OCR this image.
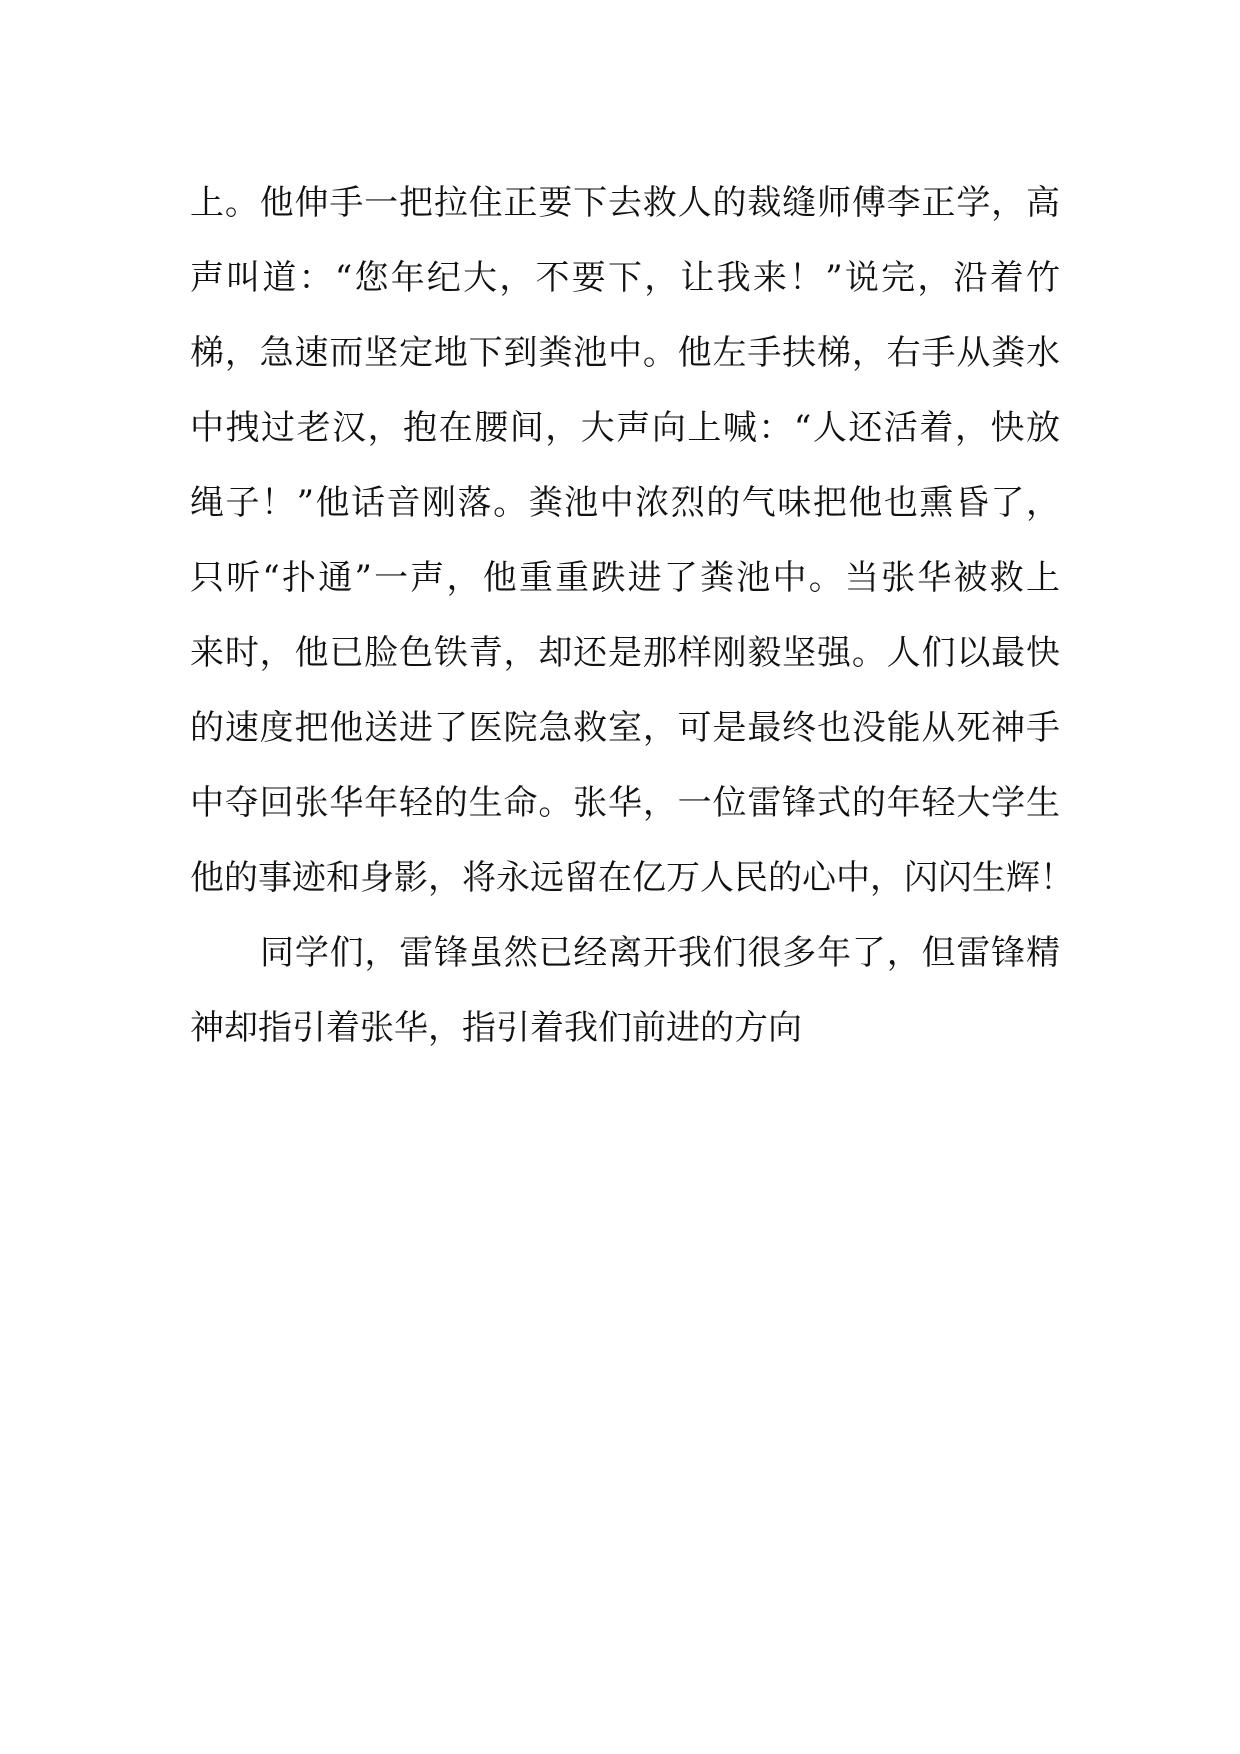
上。他伸手一把拉住正要下去救人的裁缝师傅李正学，高
声叫道：“您年纪大，不要下，让我来！”说完，沿着竹
梯，急速而坚定地下到粪池中。他左手扶梯，右手从粪水
中拽过老汉，抱在腰间，大声向上喊：“人还活着，快放
绳子！”他话音刚落。粪池中浓烈的气味把他也熏昏了，
只听“扑通”一声，他重重跌进了粪池中。当张华被救上
来时，他已脸色铁青，却还是那样刚毅坚强。人们以最快
的速度把他送进了医院急救室，可是最终也没能从死神手
中夺回张华年轻的生命。张华，一位雷锋式的年轻大学生
他的事迹和身影，将永远留在亿万人民的心中，闪闪生辉！
同学们，雷锋虽然已经离开我们很多年了，但雷锋精
神却指引着张华，指引着我们前进的方向
